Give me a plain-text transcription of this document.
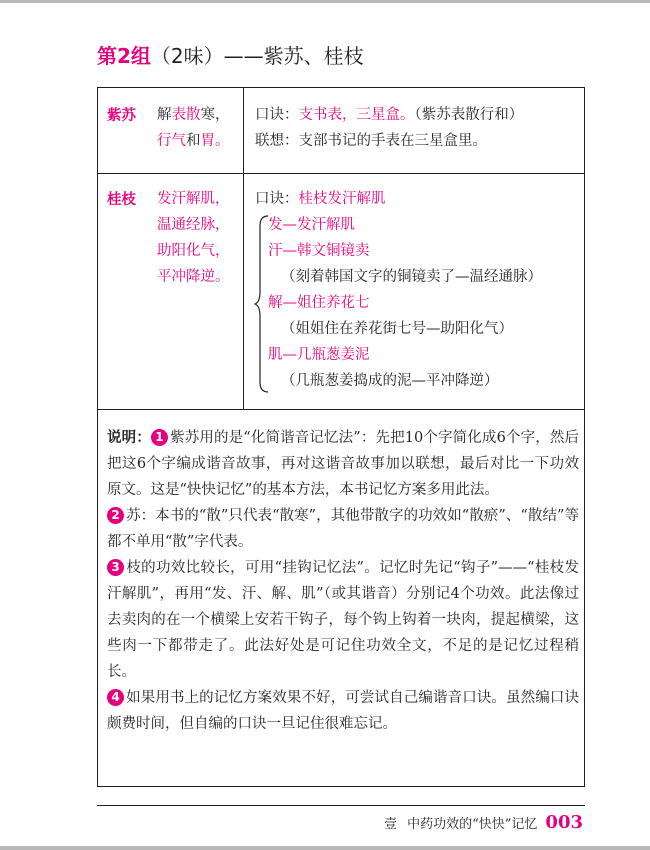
第2组（2味）——紫苏、桂枝
紫苏 解表散寒，
行气和胃。
口诀：支书表，三星盒。（紫苏表散行和）
联想：支部书记的手表在三星盒里。
桂枝 发汗解肌，
温通经脉，
助阳化气，
平冲降逆。
口诀：桂枝发汗解肌
发—发汗解肌
汗—韩文铜镜卖
（刻着韩国文字的铜镜卖了—温经通脉）
解—姐住养花七
（姐姐住在养花街七号—助阳化气）
肌—几瓶葱姜泥
（几瓶葱姜捣成的泥—平冲降逆）

说明： 1 紫苏用的是“化简谐音记忆法”：先把10个字简化成6个字，然后把这6个字编成谐音故事，再对这谐音故事加以联想，最后对比一下功效原文。这是“快快记忆”的基本方法，本书记忆方案多用此法。

2 苏：本书的“散”只代表“散寒”，其他带散字的功效如“散瘀”、“散结”等都不单用“散”字代表。

3 枝的功效比较长，可用“挂钩记忆法”。记忆时先记“钩子”——“桂枝发汗解肌”，再用“发、汗、解、肌”（或其谐音）分别记4个功效。此法像过去卖肉的在一个横梁上安若干钩子，每个钩上钩着一块肉，提起横梁，这些肉一下都带走了。此法好处是可记住功效全文，不足的是记忆过程稍长。

4 如果用书上的记忆方案效果不好，可尝试自己编谐音口诀。虽然编口诀颇费时间，但自编的口诀一旦记住很难忘记。

壹 中药功效的“快快”记忆 003
